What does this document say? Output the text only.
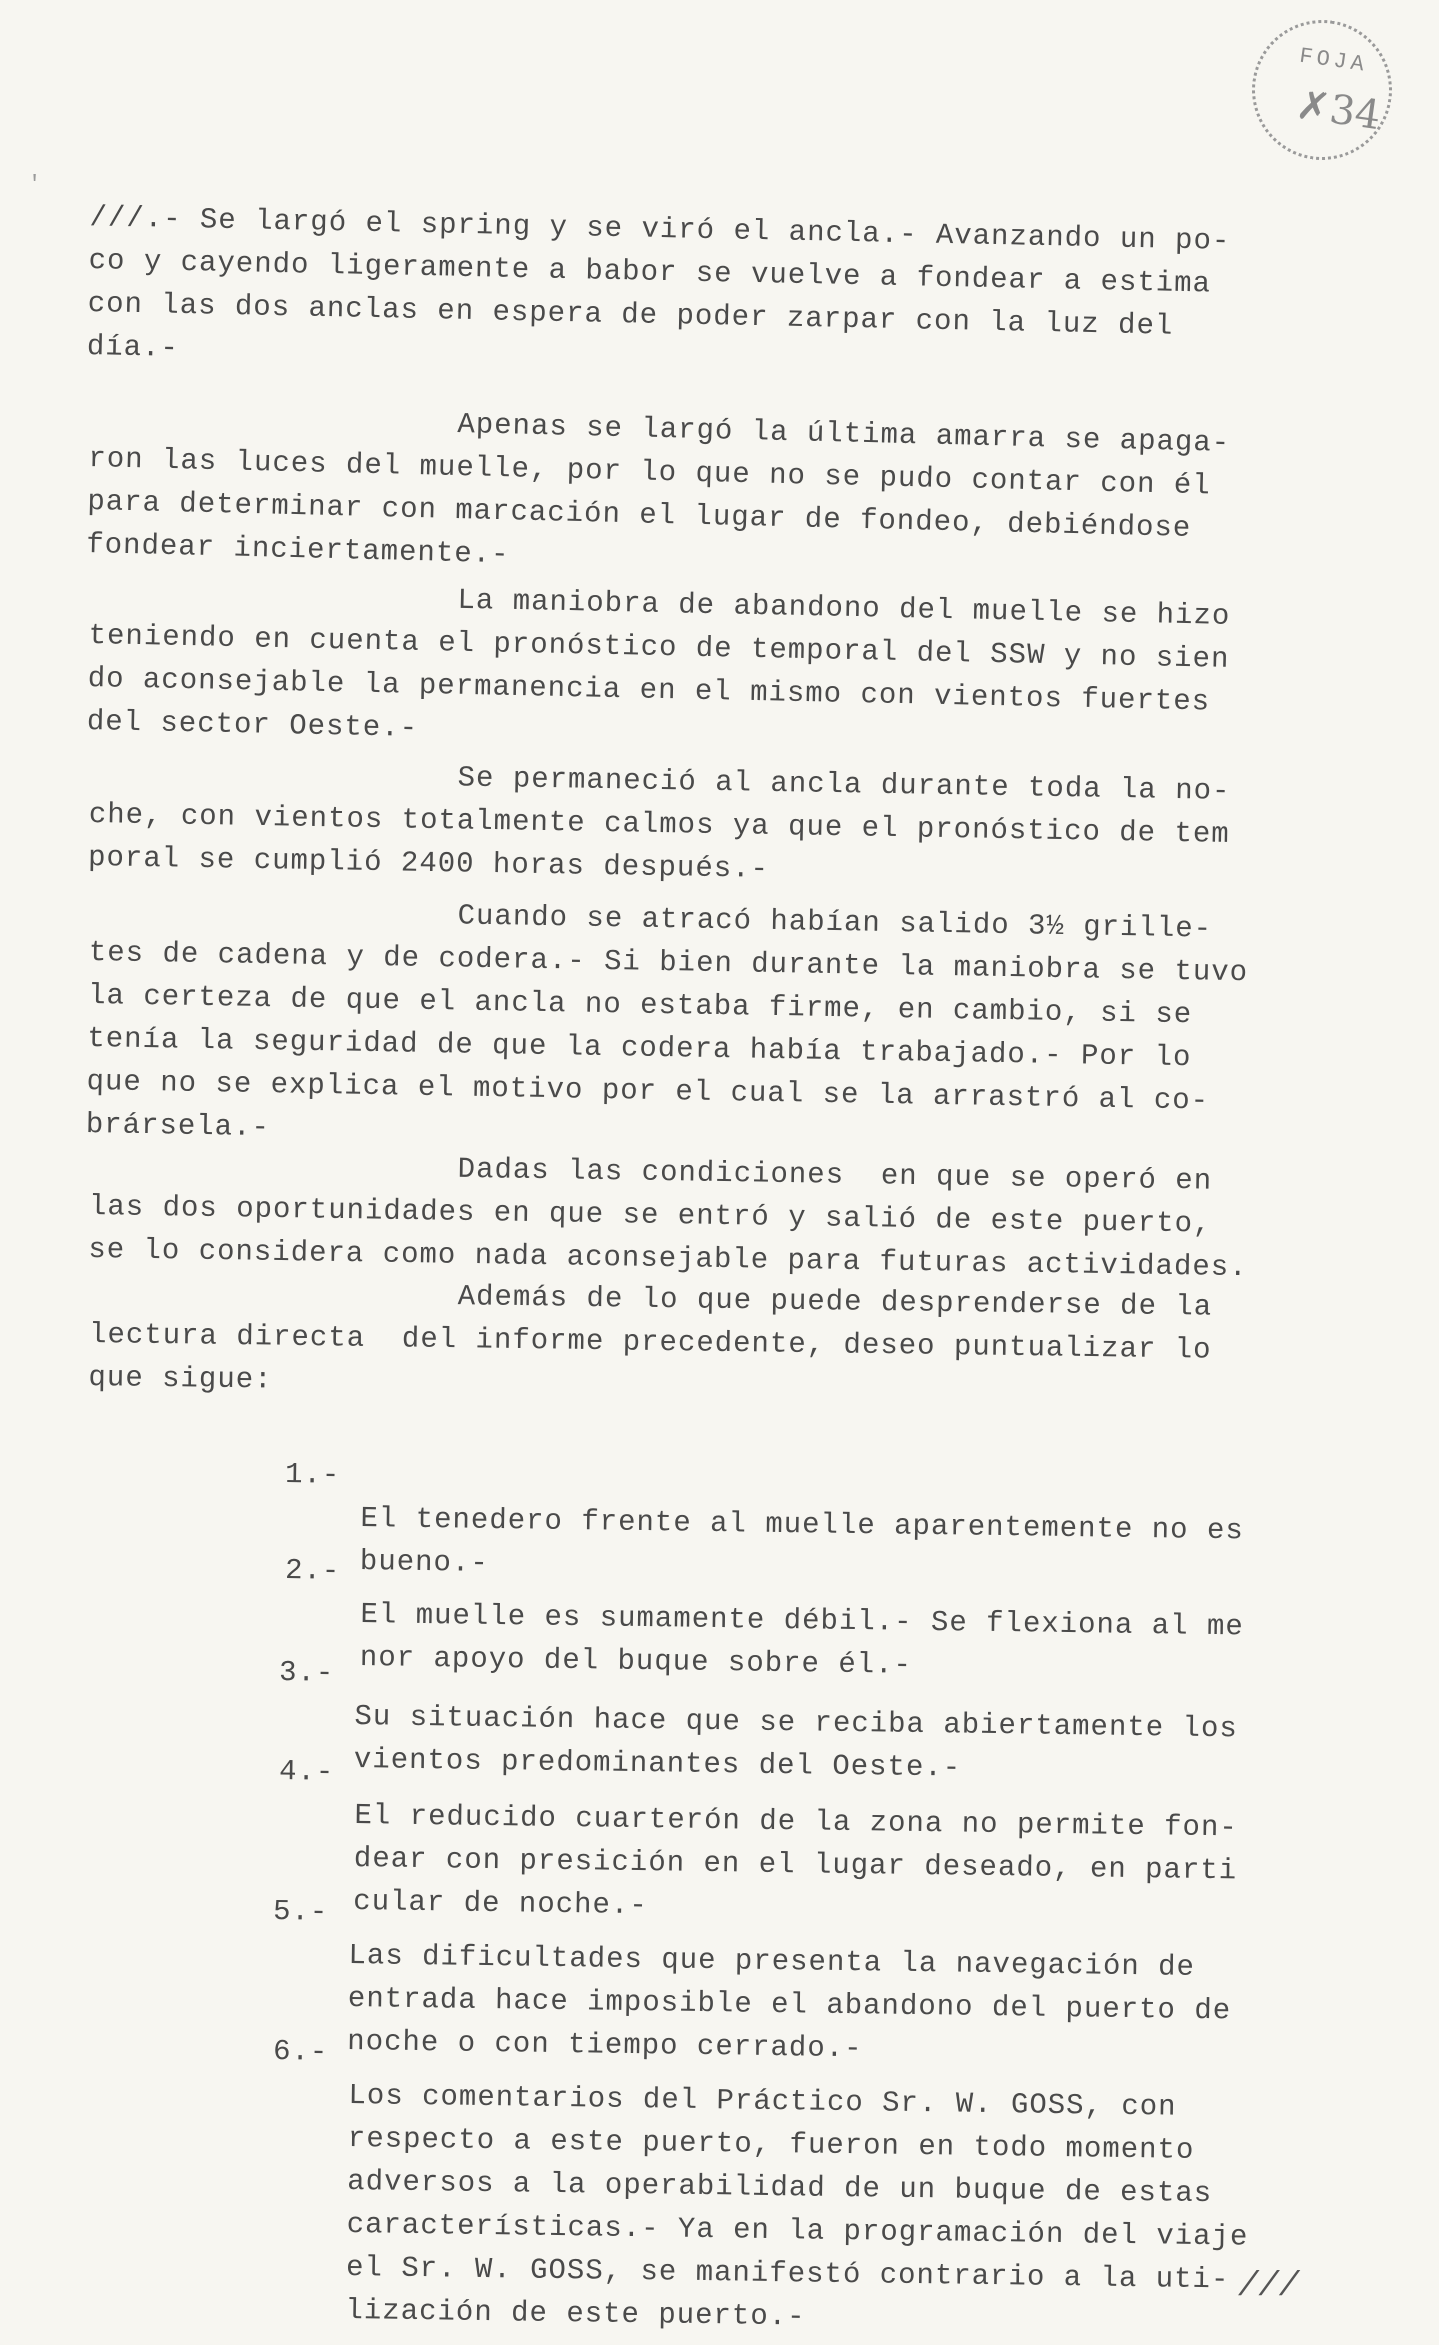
FOJA
✗34
'
///.- Se largó el spring y se viró el ancla.- Avanzando un po-
co y cayendo ligeramente a babor se vuelve a fondear a estima
con las dos anclas en espera de poder zarpar con la luz del
día.-
Apenas se largó la última amarra se apaga-
ron las luces del muelle, por lo que no se pudo contar con él
para determinar con marcación el lugar de fondeo, debiéndose
fondear inciertamente.-
La maniobra de abandono del muelle se hizo
teniendo en cuenta el pronóstico de temporal del SSW y no sien
do aconsejable la permanencia en el mismo con vientos fuertes
del sector Oeste.-
Se permaneció al ancla durante toda la no-
che, con vientos totalmente calmos ya que el pronóstico de tem
poral se cumplió 2400 horas después.-
Cuando se atracó habían salido 3½ grille-
tes de cadena y de codera.- Si bien durante la maniobra se tuvo
la certeza de que el ancla no estaba firme, en cambio, si se
tenía la seguridad de que la codera había trabajado.- Por lo
que no se explica el motivo por el cual se la arrastró al co-
brársela.-
Dadas las condiciones  en que se operó en
las dos oportunidades en que se entró y salió de este puerto,
se lo considera como nada aconsejable para futuras actividades.
Además de lo que puede desprenderse de la
lectura directa  del informe precedente, deseo puntualizar lo
que sigue:

1.-

El tenedero frente al muelle aparentemente no es
bueno.-

2.-

El muelle es sumamente débil.- Se flexiona al me
nor apoyo del buque sobre él.-

3.-

Su situación hace que se reciba abiertamente los
vientos predominantes del Oeste.-

4.-

El reducido cuarterón de la zona no permite fon-
dear con presición en el lugar deseado, en parti
cular de noche.-

5.-

Las dificultades que presenta la navegación de
entrada hace imposible el abandono del puerto de
noche o con tiempo cerrado.-

6.-

Los comentarios del Práctico Sr. W. GOSS, con
respecto a este puerto, fueron en todo momento
adversos a la operabilidad de un buque de estas
características.- Ya en la programación del viaje
el Sr. W. GOSS, se manifestó contrario a la uti-
lización de este puerto.-

///
